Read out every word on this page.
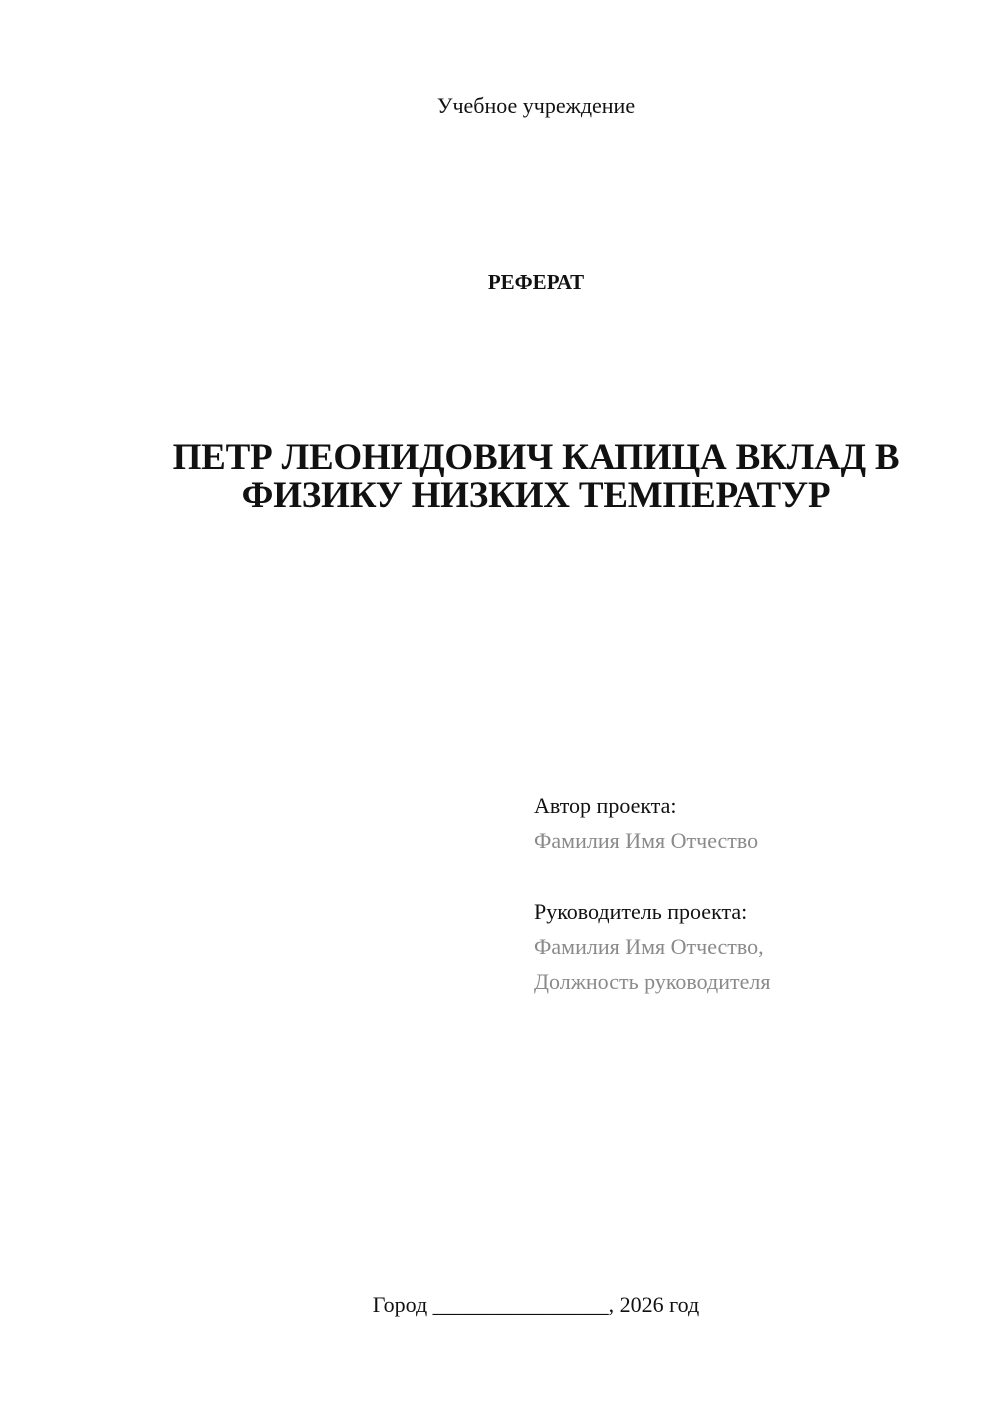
Учебное учреждение
РЕФЕРАТ
ПЕТР ЛЕОНИДОВИЧ КАПИЦА ВКЛАД В
ФИЗИКУ НИЗКИХ ТЕМПЕРАТУР
Автор проекта:
Фамилия Имя Отчество
Руководитель проекта:
Фамилия Имя Отчество,
Должность руководителя
Город ________________, 2026 год
